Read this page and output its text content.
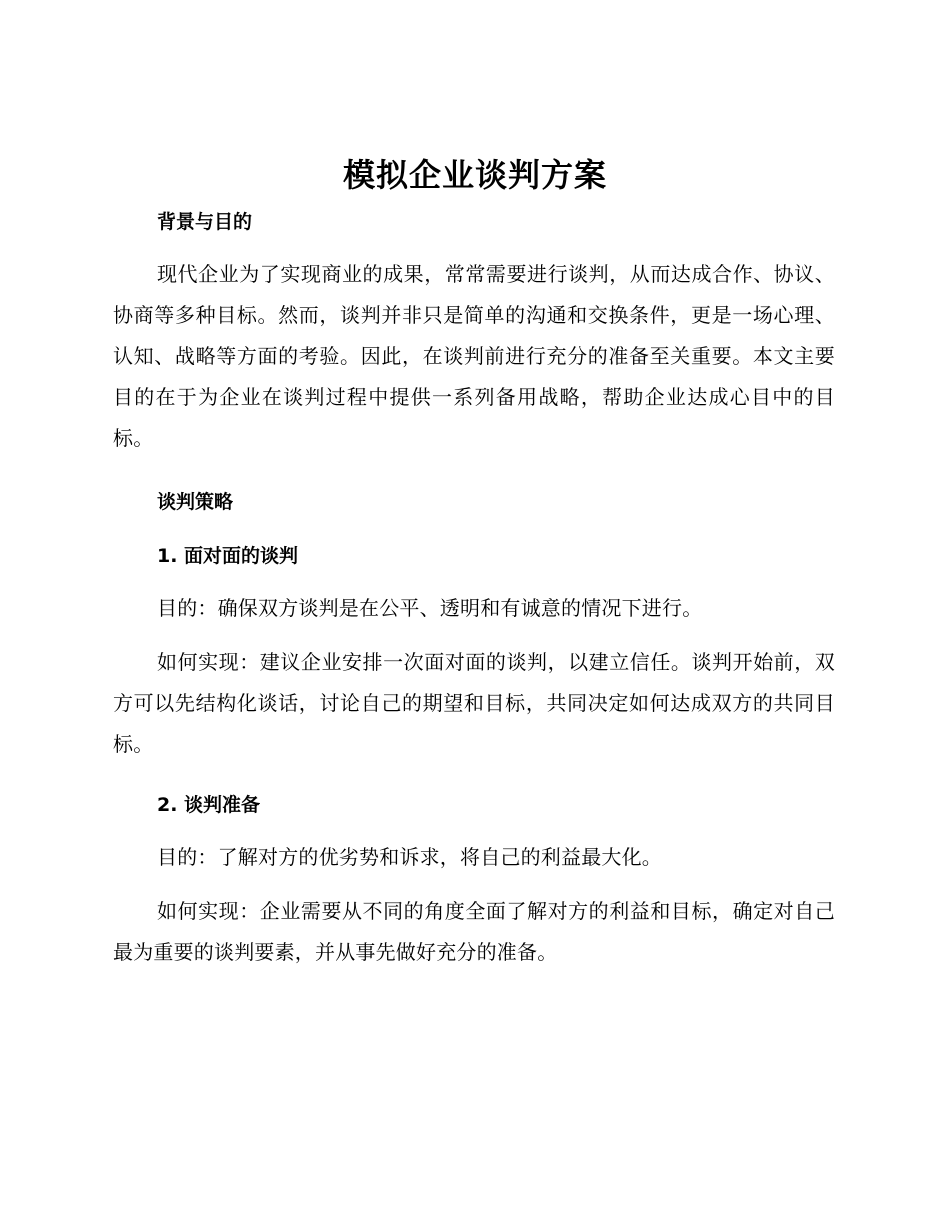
模拟企业谈判方案
背景与目的
现代企业为了实现商业的成果，常常需要进行谈判，从而达成合作、协议、协商等多种目标。然而，谈判并非只是简单的沟通和交换条件，更是一场心理、认知、战略等方面的考验。因此，在谈判前进行充分的准备至关重要。本文主要目的在于为企业在谈判过程中提供一系列备用战略，帮助企业达成心目中的目标。
谈判策略
1. 面对面的谈判
目的：确保双方谈判是在公平、透明和有诚意的情况下进行。
如何实现：建议企业安排一次面对面的谈判，以建立信任。谈判开始前，双方可以先结构化谈话，讨论自己的期望和目标，共同决定如何达成双方的共同目标。
2. 谈判准备
目的：了解对方的优劣势和诉求，将自己的利益最大化。
如何实现：企业需要从不同的角度全面了解对方的利益和目标，确定对自己最为重要的谈判要素，并从事先做好充分的准备。
